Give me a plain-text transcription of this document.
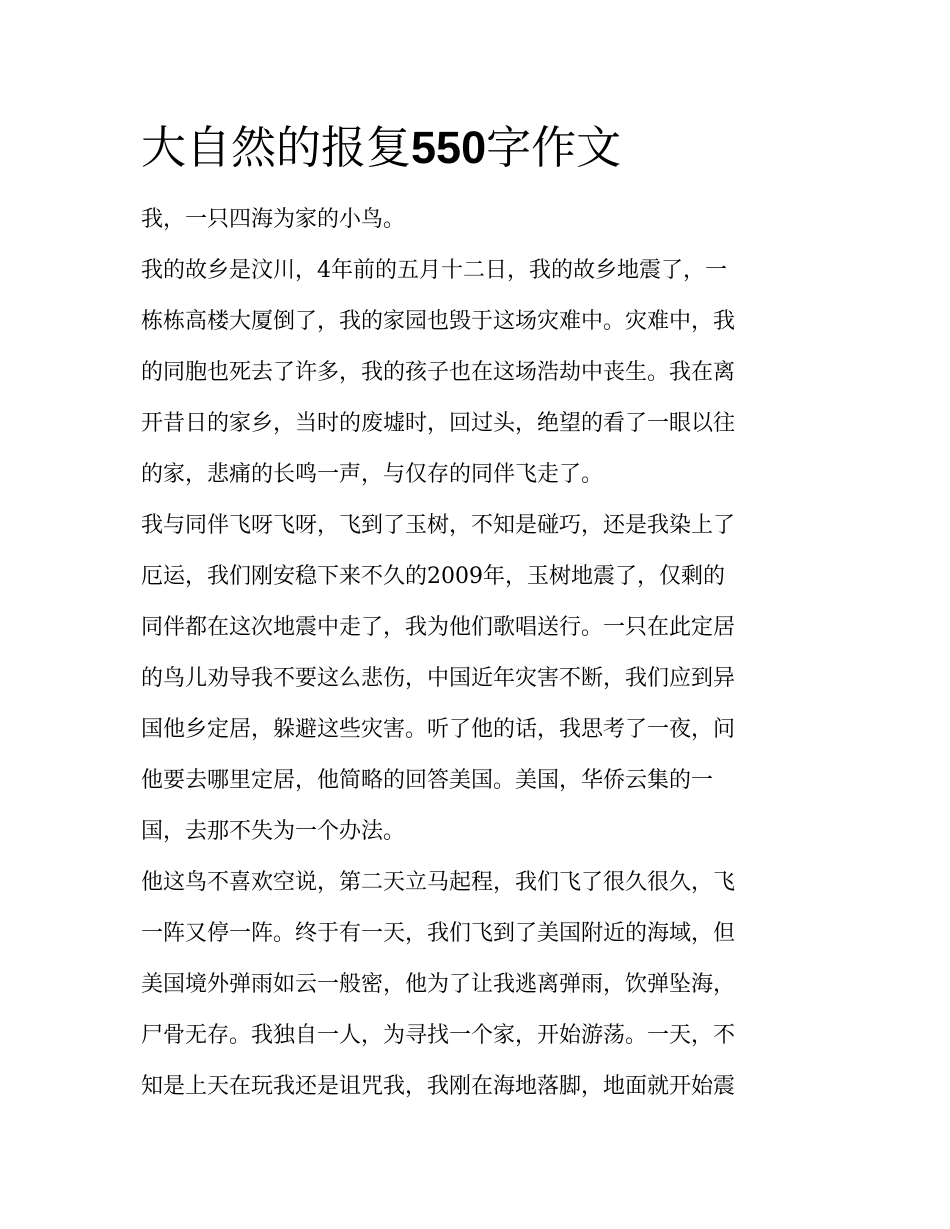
大自然的报复550字作文

我，一只四海为家的小鸟。

我的故乡是汶川，4年前的五月十二日，我的故乡地震了，一
栋栋高楼大厦倒了，我的家园也毁于这场灾难中。灾难中，我
的同胞也死去了许多，我的孩子也在这场浩劫中丧生。我在离
开昔日的家乡，当时的废墟时，回过头，绝望的看了一眼以往
的家，悲痛的长鸣一声，与仅存的同伴飞走了。

我与同伴飞呀飞呀，飞到了玉树，不知是碰巧，还是我染上了
厄运，我们刚安稳下来不久的2009年，玉树地震了，仅剩的
同伴都在这次地震中走了，我为他们歌唱送行。一只在此定居
的鸟儿劝导我不要这么悲伤，中国近年灾害不断，我们应到异
国他乡定居，躲避这些灾害。听了他的话，我思考了一夜，问
他要去哪里定居，他简略的回答美国。美国，华侨云集的一
国，去那不失为一个办法。

他这鸟不喜欢空说，第二天立马起程，我们飞了很久很久，飞
一阵又停一阵。终于有一天，我们飞到了美国附近的海域，但
美国境外弹雨如云一般密，他为了让我逃离弹雨，饮弹坠海，
尸骨无存。我独自一人，为寻找一个家，开始游荡。一天，不
知是上天在玩我还是诅咒我，我刚在海地落脚，地面就开始震
